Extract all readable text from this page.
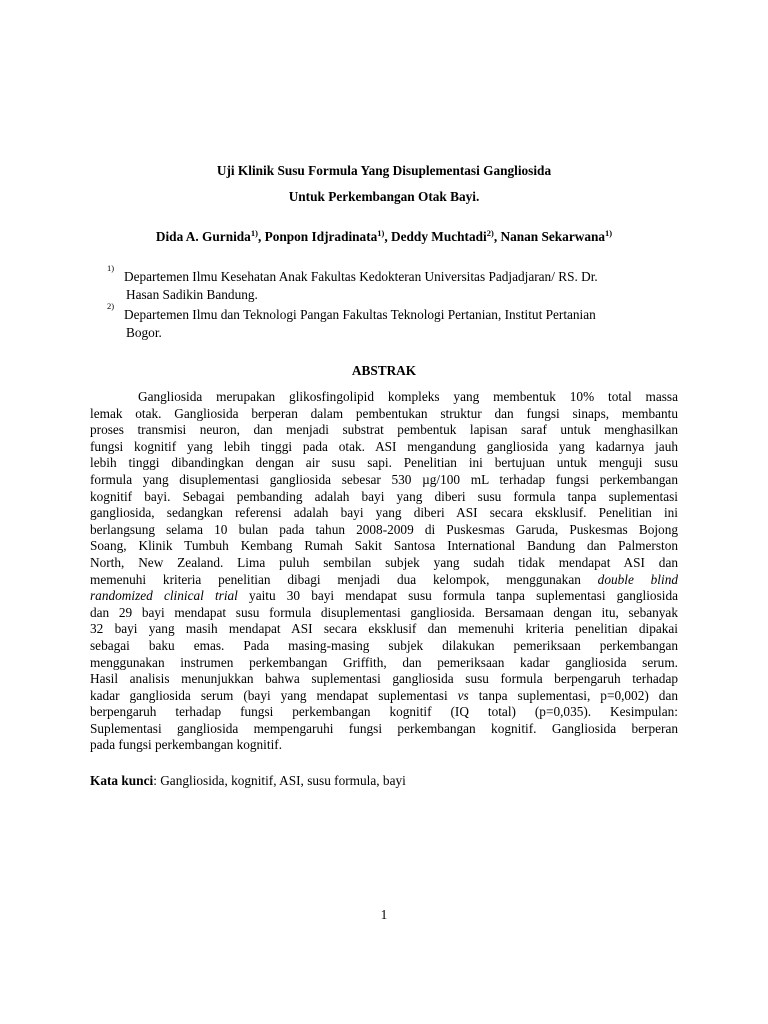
Uji Klinik Susu Formula Yang Disuplementasi Gangliosida
Untuk Perkembangan Otak Bayi.
Dida A. Gurnida$^{1)}$, Ponpon Idjradinata$^{1)}$, Deddy Muchtadi$^{2)}$, Nanan Sekarwana$^{1)}$
1)
Departemen Ilmu Kesehatan Anak Fakultas Kedokteran Universitas Padjadjaran/ RS. Dr.
Hasan Sadikin Bandung.
2)
Departemen Ilmu dan Teknologi Pangan Fakultas Teknologi Pertanian, Institut Pertanian
Bogor.
ABSTRAK
Gangliosida merupakan glikosfingolipid kompleks yang membentuk 10% total massa
lemak otak. Gangliosida berperan dalam pembentukan struktur dan fungsi sinaps, membantu
proses transmisi neuron, dan menjadi substrat pembentuk lapisan saraf untuk menghasilkan
fungsi kognitif yang lebih tinggi pada otak. ASI mengandung gangliosida yang kadarnya jauh
lebih tinggi dibandingkan dengan air susu sapi. Penelitian ini bertujuan untuk menguji susu
formula yang disuplementasi gangliosida sebesar 530 µg/100 mL terhadap fungsi perkembangan
kognitif bayi. Sebagai pembanding adalah bayi yang diberi susu formula tanpa suplementasi
gangliosida, sedangkan referensi adalah bayi yang diberi ASI secara eksklusif. Penelitian ini
berlangsung selama 10 bulan pada tahun 2008-2009 di Puskesmas Garuda, Puskesmas Bojong
Soang, Klinik Tumbuh Kembang Rumah Sakit Santosa International Bandung dan Palmerston
North, New Zealand. Lima puluh sembilan subjek yang sudah tidak mendapat ASI dan
memenuhi kriteria penelitian dibagi menjadi dua kelompok, menggunakan double blind
randomized clinical trial yaitu 30 bayi mendapat susu formula tanpa suplementasi gangliosida
dan 29 bayi mendapat susu formula disuplementasi gangliosida. Bersamaan dengan itu, sebanyak
32 bayi yang masih mendapat ASI secara eksklusif dan memenuhi kriteria penelitian dipakai
sebagai baku emas. Pada masing-masing subjek dilakukan pemeriksaan perkembangan
menggunakan instrumen perkembangan Griffith, dan pemeriksaan kadar gangliosida serum.
Hasil analisis menunjukkan bahwa suplementasi gangliosida susu formula berpengaruh terhadap
kadar gangliosida serum (bayi yang mendapat suplementasi vs tanpa suplementasi, p=0,002) dan
berpengaruh terhadap fungsi perkembangan kognitif (IQ total) (p=0,035). Kesimpulan:
Suplementasi gangliosida mempengaruhi fungsi perkembangan kognitif. Gangliosida berperan
pada fungsi perkembangan kognitif.
Kata kunci: Gangliosida, kognitif, ASI, susu formula, bayi
1
